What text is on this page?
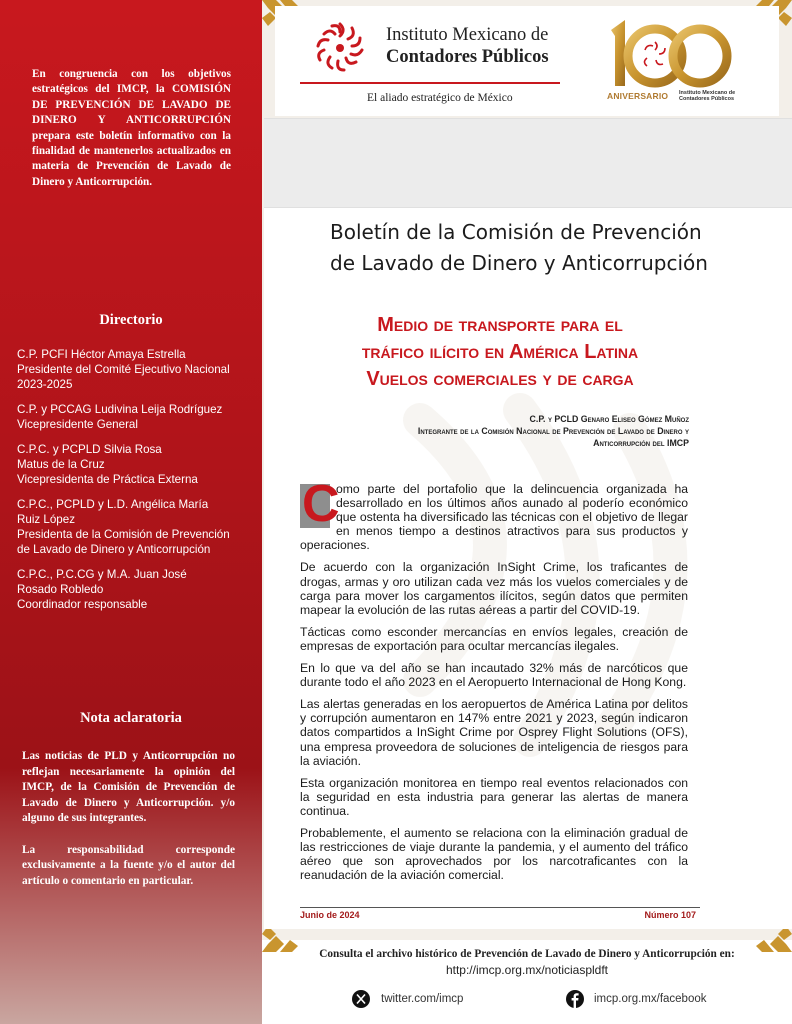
En congruencia con los objetivos estratégicos del IMCP, la COMISIÓN DE PREVENCIÓN DE LAVADO DE DINERO Y ANTICORRUPCIÓN prepara este boletín informativo con la finalidad de mantenerlos actualizados en materia de Prevención de Lavado de Dinero y Anticorrupción.
Directorio
C.P. PCFI Héctor Amaya Estrella
Presidente del Comité Ejecutivo Nacional
2023-2025
C.P. y PCCAG Ludivina Leija Rodríguez
Vicepresidente General
C.P.C. y PCPLD Silvia Rosa
Matus de la Cruz
Vicepresidenta de Práctica Externa
C.P.C., PCPLD y L.D. Angélica María
Ruiz López
Presidenta de la Comisión de Prevención
de Lavado de Dinero y Anticorrupción
C.P.C., P.C.CG y M.A. Juan José
Rosado Robledo
Coordinador responsable
Nota aclaratoria

Las noticias de PLD y Anticorrupción no reflejan necesariamente la opinión del IMCP, de la Comisión de Prevención de Lavado de Dinero y Anticorrupción. y/o alguno de sus integrantes.

La responsabilidad corresponde exclusivamente a la fuente y/o el autor del artículo o comentario en particular.

Instituto Mexicano de
Contadores Públicos
El aliado estratégico de México	ANIVERSARIO Instituto Mexicano de
Contadores Públicos
Boletín de la Comisión de Prevención
de Lavado de Dinero y Anticorrupción
Medio de transporte para el
tráfico ilícito en América Latina
Vuelos comerciales y de carga
C.P. y PCLD Genaro Eliseo Gómez Muñoz
Integrante de la Comisión Nacional de Prevención de Lavado de Dinero y
Anticorrupción del IMCP

C
omo parte del portafolio que la delincuencia organizada ha desarrollado en los últimos años aunado al poderío económico que ostenta ha diversificado las técnicas con el objetivo de llegar en menos tiempo a destinos atractivos para sus productos y operaciones.

De acuerdo con la organización InSight Crime, los traficantes de drogas, armas y oro utilizan cada vez más los vuelos comerciales y de carga para mover los cargamentos ilícitos, según datos que permiten mapear la evolución de las rutas aéreas a partir del COVID-19.

Tácticas como esconder mercancías en envíos legales, creación de empresas de exportación para ocultar mercancías ilegales.

En lo que va del año se han incautado 32% más de narcóticos que durante todo el año 2023 en el Aeropuerto Internacional de Hong Kong.

Las alertas generadas en los aeropuertos de América Latina por delitos y corrupción aumentaron en 147% entre 2021 y 2023, según indicaron datos compartidos a InSight Crime por Osprey Flight Solutions (OFS), una empresa proveedora de soluciones de inteligencia de riesgos para la aviación.

Esta organización monitorea en tiempo real eventos relacionados con la seguridad en esta industria para generar las alertas de manera continua.

Probablemente, el aumento se relaciona con la eliminación gradual de las restricciones de viaje durante la pandemia, y el aumento del tráfico aéreo que son aprovechados por los narcotraficantes con la reanudación de la aviación comercial.

Junio de 2024	Número 107
Consulta el archivo histórico de Prevención de Lavado de Dinero y Anticorrupción en:
http://imcp.org.mx/noticiaspldft
twitter.com/imcp	imcp.org.mx/facebook
